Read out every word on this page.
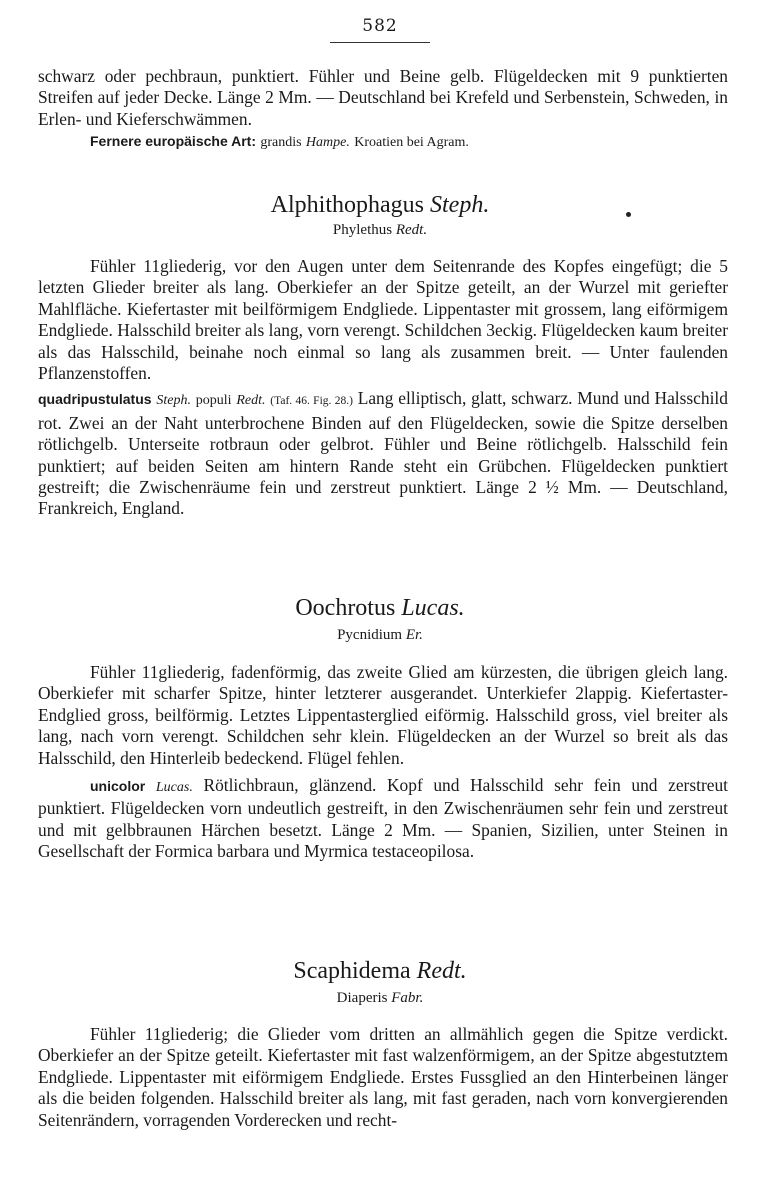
582

schwarz oder pechbraun, punktiert. Fühler und Beine gelb. Flügeldecken mit 9 punktierten Streifen auf jeder Decke. Länge 2 Mm. — Deutschland bei Krefeld und Serbenstein, Schweden, in Erlen- und Kieferschwämmen.

Fernere europäische Art: grandis Hampe. Kroatien bei Agram.

Alphithophagus Steph.
Phylethus Redt.

Fühler 11gliederig, vor den Augen unter dem Seitenrande des Kopfes eingefügt; die 5 letzten Glieder breiter als lang. Oberkiefer an der Spitze geteilt, an der Wurzel mit geriefter Mahlfläche. Kiefertaster mit beilförmigem Endgliede. Lippentaster mit grossem, lang eiförmigem Endgliede. Halsschild breiter als lang, vorn verengt. Schildchen 3eckig. Flügeldecken kaum breiter als das Halsschild, beinahe noch einmal so lang als zusammen breit. — Unter faulenden Pflanzenstoffen.

quadripustulatus Steph. populi Redt. (Taf. 46. Fig. 28.) Lang elliptisch, glatt, schwarz. Mund und Halsschild rot. Zwei an der Naht unterbrochene Binden auf den Flügeldecken, sowie die Spitze derselben rötlichgelb. Unterseite rotbraun oder gelbrot. Fühler und Beine rötlichgelb. Halsschild fein punktiert; auf beiden Seiten am hintern Rande steht ein Grübchen. Flügeldecken punktiert gestreift; die Zwischenräume fein und zerstreut punktiert. Länge 2 ½ Mm. — Deutschland, Frankreich, England.

Oochrotus Lucas.
Pycnidium Er.

Fühler 11gliederig, fadenförmig, das zweite Glied am kürzesten, die übrigen gleich lang. Oberkiefer mit scharfer Spitze, hinter letzterer ausgerandet. Unterkiefer 2lappig. Kiefertaster-Endglied gross, beilförmig. Letztes Lippentasterglied eiförmig. Halsschild gross, viel breiter als lang, nach vorn verengt. Schildchen sehr klein. Flügeldecken an der Wurzel so breit als das Halsschild, den Hinterleib bedeckend. Flügel fehlen.

unicolor Lucas. Rötlichbraun, glänzend. Kopf und Halsschild sehr fein und zerstreut punktiert. Flügeldecken vorn undeutlich gestreift, in den Zwischenräumen sehr fein und zerstreut und mit gelbbraunen Härchen besetzt. Länge 2 Mm. — Spanien, Sizilien, unter Steinen in Gesellschaft der Formica barbara und Myrmica testaceopilosa.

Scaphidema Redt.
Diaperis Fabr.

Fühler 11gliederig; die Glieder vom dritten an allmählich gegen die Spitze verdickt. Oberkiefer an der Spitze geteilt. Kiefertaster mit fast walzenförmigem, an der Spitze abgestutztem Endgliede. Lippentaster mit eiförmigem Endgliede. Erstes Fussglied an den Hinterbeinen länger als die beiden folgenden. Halsschild breiter als lang, mit fast geraden, nach vorn konvergierenden Seitenrändern, vorragenden Vorderecken und recht-
